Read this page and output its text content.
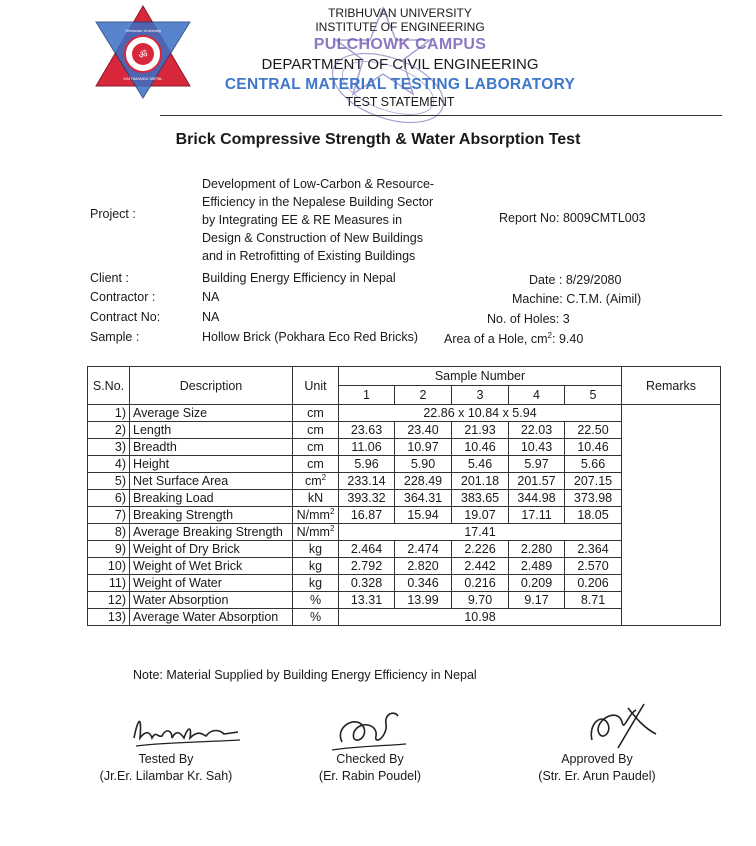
ॐ
Tribhuvan University
KATHMANDU NEPAL
TRIBHUVAN UNIVERSITY
INSTITUTE OF ENGINEERING
PULCHOWK CAMPUS
DEPARTMENT OF CIVIL ENGINEERING
CENTRAL MATERIAL TESTING LABORATORY
TEST STATEMENT
Brick Compressive Strength & Water Absorption Test
Project :
Development of Low-Carbon & Resource-
Efficiency in the Nepalese Building Sector
by Integrating EE & RE Measures in
Design & Construction of New Buildings
and in Retrofitting of Existing Buildings
Report No: 8009CMTL003
Client :	Building Energy Efficiency in Nepal
Contractor :	NA
Contract No:	NA
Sample :	Hollow Brick (Pokhara Eco Red Bricks)
Date : 8/29/2080
Machine: C.T.M. (Aimil)
No. of Holes: 3
Area of a Hole, $cm^2$: 9.40
S.No.	Description	Unit	Sample Number					Remarks
			1	2	3	4	5	
1)	Average Size	cm	22.86 x 10.84 x 5.94					
2)	Length	cm	23.63	23.40	21.93	22.03	22.50	
3)	Breadth	cm	11.06	10.97	10.46	10.43	10.46	
4)	Height	cm	5.96	5.90	5.46	5.97	5.66	
5)	Net Surface Area	$cm^2$	233.14	228.49	201.18	201.57	207.15	
6)	Breaking Load	kN	393.32	364.31	383.65	344.98	373.98	
7)	Breaking Strength	$N/mm^2$	16.87	15.94	19.07	17.11	18.05	
8)	Average Breaking Strength	$N/mm^2$	17.41					
9)	Weight of Dry Brick	kg	2.464	2.474	2.226	2.280	2.364	
10)	Weight of Wet Brick	kg	2.792	2.820	2.442	2.489	2.570	
11)	Weight of Water	kg	0.328	0.346	0.216	0.209	0.206	
12)	Water Absorption	%	13.31	13.99	9.70	9.17	8.71	
13)	Average Water Absorption	%	10.98					
Note: Material Supplied by Building Energy Efficiency in Nepal
Tested By
(Jr.Er. Lilambar Kr. Sah)
Checked By
(Er. Rabin Poudel)
Approved By
(Str. Er. Arun Paudel)
